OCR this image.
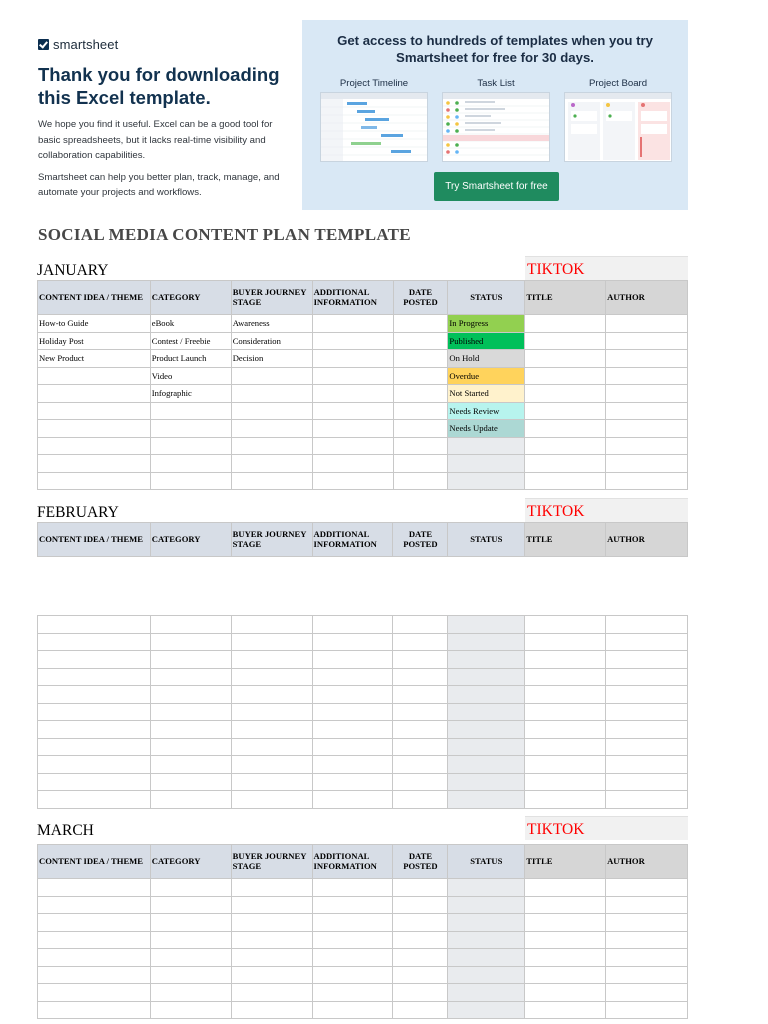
smartsheet
Thank you for downloading this Excel template.

We hope you find it useful. Excel can be a good tool for basic spreadsheets, but it lacks real-time visibility and collaboration capabilities.

Smartsheet can help you better plan, track, manage, and automate your projects and workflows.

Get access to hundreds of templates when you try Smartsheet for free for 30 days.
Project Timeline	Task List	Project Board
Try Smartsheet for free
SOCIAL MEDIA CONTENT PLAN TEMPLATE
JANUARY	TIKTOK
CONTENT IDEA / THEME	CATEGORY	BUYER JOURNEY STAGE	ADDITIONAL INFORMATION	DATE POSTED	STATUS	TITLE	AUTHOR
How-to Guide	eBook	Awareness			In Progress		
Holiday Post	Contest / Freebie	Consideration			Published		
New Product	Product Launch	Decision			On Hold		
	Video				Overdue		
	Infographic				Not Started		
					Needs Review		
					Needs Update		

FEBRUARY	TIKTOK
CONTENT IDEA / THEME	CATEGORY	BUYER JOURNEY STAGE	ADDITIONAL INFORMATION	DATE POSTED	STATUS	TITLE	AUTHOR

MARCH	TIKTOK
CONTENT IDEA / THEME	CATEGORY	BUYER JOURNEY STAGE	ADDITIONAL INFORMATION	DATE POSTED	STATUS	TITLE	AUTHOR
